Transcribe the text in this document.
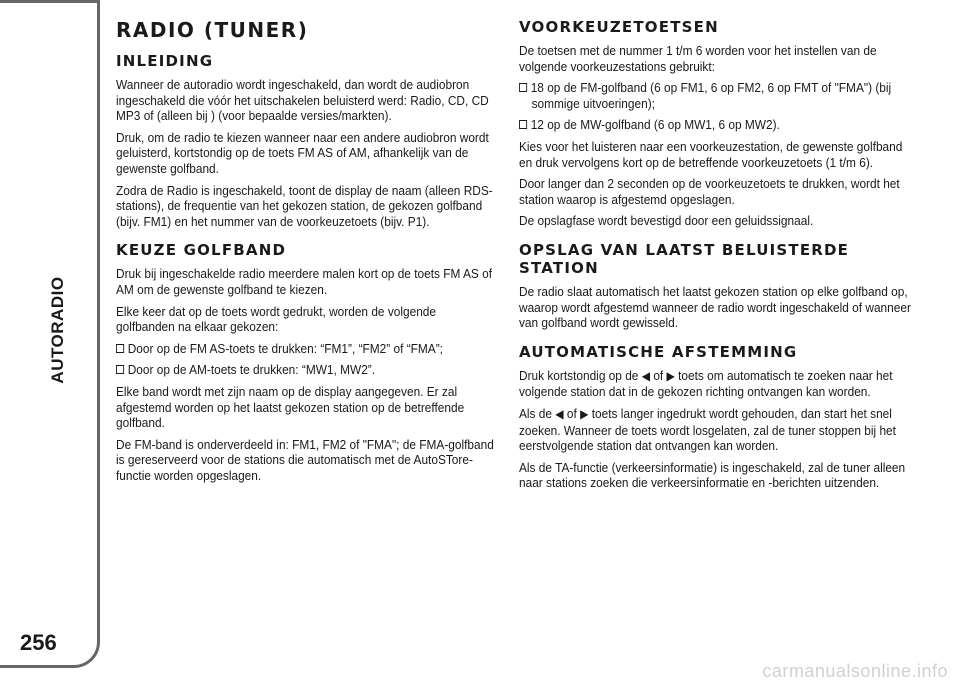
AUTORADIO
256
RADIO (TUNER)
INLEIDING

Wanneer de autoradio wordt ingeschakeld, dan wordt de audiobron ingeschakeld die vóór het uitschakelen beluisterd werd: Radio, CD, CD MP3 of (alleen bij ) (voor bepaalde versies/markten).

Druk, om de radio te kiezen wanneer naar een andere audiobron wordt geluisterd, kortstondig op de toets FM AS of AM, afhankelijk van de gewenste golfband.

Zodra de Radio is ingeschakeld, toont de display de naam (alleen RDS-stations), de frequentie van het gekozen station, de gekozen golfband (bijv. FM1) en het nummer van de voorkeuzetoets (bijv. P1).

KEUZE GOLFBAND

Druk bij ingeschakelde radio meerdere malen kort op de toets FM AS of AM om de gewenste golfband te kiezen.

Elke keer dat op de toets wordt gedrukt, worden de volgende golfbanden na elkaar gekozen:

Door op de FM AS-toets te drukken: “FM1”, “FM2” of “FMA”;

Door op de AM-toets te drukken: “MW1, MW2”.

Elke band wordt met zijn naam op de display aangegeven. Er zal afgestemd worden op het laatst gekozen station op de betreffende golfband.

De FM-band is onderverdeeld in: FM1, FM2 of "FMA"; de FMA-golfband is gereserveerd voor de stations die automatisch met de AutoSTore-functie worden opgeslagen.

VOORKEUZETOETSEN

De toetsen met de nummer 1 t/m 6 worden voor het instellen van de volgende voorkeuzestations gebruikt:

18 op de FM-golfband (6 op FM1, 6 op FM2, 6 op FMT of "FMA") (bij sommige uitvoeringen);

12 op de MW-golfband (6 op MW1, 6 op MW2).

Kies voor het luisteren naar een voorkeuzestation, de gewenste golfband en druk vervolgens kort op de betreffende voorkeuzetoets (1 t/m 6).

Door langer dan 2 seconden op de voorkeuzetoets te drukken, wordt het station waarop is afgestemd opgeslagen.

De opslagfase wordt bevestigd door een geluidssignaal.

OPSLAG VAN LAATST BELUISTERDE STATION

De radio slaat automatisch het laatst gekozen station op elke golfband op, waarop wordt afgestemd wanneer de radio wordt ingeschakeld of wanneer van golfband wordt gewisseld.

AUTOMATISCHE AFSTEMMING

Druk kortstondig op de ◀ of ▶ toets om automatisch te zoeken naar het volgende station dat in de gekozen richting ontvangen kan worden.

Als de ◀ of ▶ toets langer ingedrukt wordt gehouden, dan start het snel zoeken. Wanneer de toets wordt losgelaten, zal de tuner stoppen bij het eerstvolgende station dat ontvangen kan worden.

Als de TA-functie (verkeersinformatie) is ingeschakeld, zal de tuner alleen naar stations zoeken die verkeersinformatie en -berichten uitzenden.

carmanualsonline.info
